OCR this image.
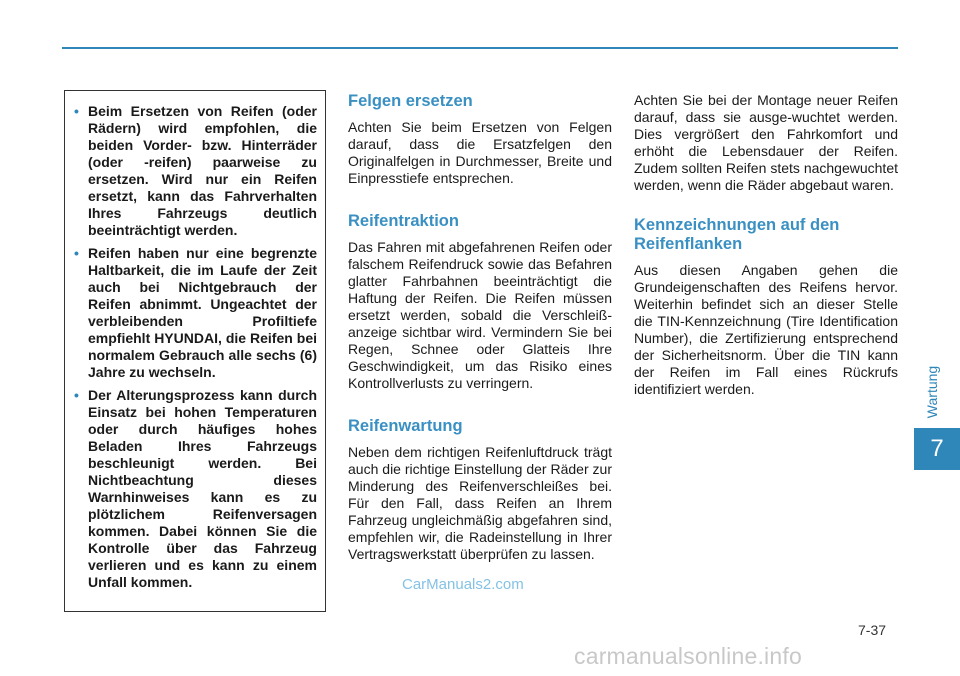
Wartung
7
• Beim Ersetzen von Reifen (oder Rädern) wird empfohlen, die beiden Vorder- bzw. Hinterräder (oder -reifen) paarweise zu ersetzen. Wird nur ein Reifen ersetzt, kann das Fahrverhalten Ihres Fahrzeugs deutlich beeinträchtigt werden.
• Reifen haben nur eine begrenzte Haltbarkeit, die im Laufe der Zeit auch bei Nichtgebrauch der Reifen abnimmt. Ungeachtet der verbleibenden Profiltiefe empfiehlt HYUNDAI, die Reifen bei normalem Gebrauch alle sechs (6) Jahre zu wechseln.
• Der Alterungsprozess kann durch Einsatz bei hohen Temperaturen oder durch häufiges hohes Beladen Ihres Fahrzeugs beschleunigt werden. Bei Nichtbeachtung dieses Warnhinweises kann es zu plötzlichem Reifenversagen kommen. Dabei können Sie die Kontrolle über das Fahrzeug verlieren und es kann zu einem Unfall kommen.
Felgen ersetzen

Achten Sie beim Ersetzen von Felgen darauf, dass die Ersatzfelgen den Originalfelgen in Durchmesser, Breite und Einpresstiefe entsprechen.

Reifentraktion

Das Fahren mit abgefahrenen Reifen oder falschem Reifendruck sowie das Befahren glatter Fahrbahnen beeinträchtigt die Haftung der Reifen. Die Reifen müssen ersetzt werden, sobald die Verschleiß-anzeige sichtbar wird. Vermindern Sie bei Regen, Schnee oder Glatteis Ihre Geschwindigkeit, um das Risiko eines Kontrollverlusts zu verringern.

Reifenwartung

Neben dem richtigen Reifenluftdruck trägt auch die richtige Einstellung der Räder zur Minderung des Reifenverschleißes bei. Für den Fall, dass Reifen an Ihrem Fahrzeug ungleichmäßig abgefahren sind, empfehlen wir, die Radeinstellung in Ihrer Vertragswerkstatt überprüfen zu lassen.

Achten Sie bei der Montage neuer Reifen darauf, dass sie ausge-wuchtet werden. Dies vergrößert den Fahrkomfort und erhöht die Lebensdauer der Reifen. Zudem sollten Reifen stets nachgewuchtet werden, wenn die Räder abgebaut waren.

Kennzeichnungen auf den Reifenflanken

Aus diesen Angaben gehen die Grundeigenschaften des Reifens hervor. Weiterhin befindet sich an dieser Stelle die TIN-Kennzeichnung (Tire Identification Number), die Zertifizierung entsprechend der Sicherheitsnorm. Über die TIN kann der Reifen im Fall eines Rückrufs identifiziert werden.

CarManuals2.com
7-37
carmanualsonline.info
